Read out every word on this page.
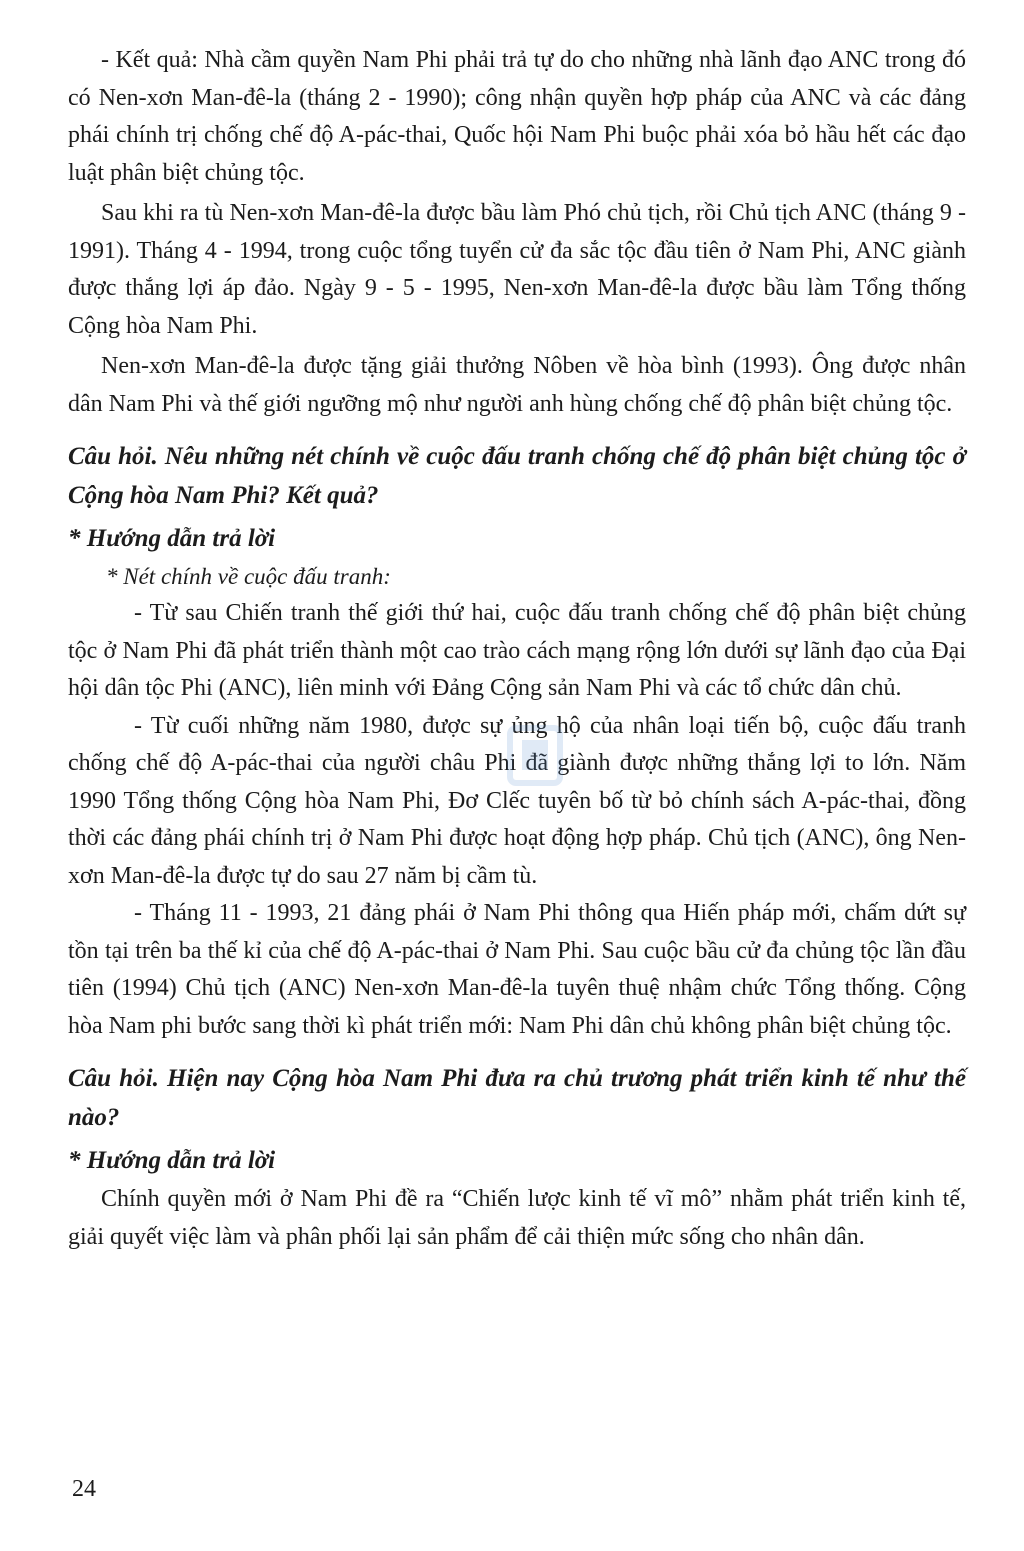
- Kết quả: Nhà cầm quyền Nam Phi phải trả tự do cho những nhà lãnh đạo ANC trong đó có Nen-xơn Man-đê-la (tháng 2 - 1990); công nhận quyền hợp pháp của ANC và các đảng phái chính trị chống chế độ A-pác-thai, Quốc hội Nam Phi buộc phải xóa bỏ hầu hết các đạo luật phân biệt chủng tộc.

Sau khi ra tù Nen-xơn Man-đê-la được bầu làm Phó chủ tịch, rồi Chủ tịch ANC (tháng 9 - 1991). Tháng 4 - 1994, trong cuộc tổng tuyển cử đa sắc tộc đầu tiên ở Nam Phi, ANC giành được thắng lợi áp đảo. Ngày 9 - 5 - 1995, Nen-xơn Man-đê-la được bầu làm Tổng thống Cộng hòa Nam Phi.

Nen-xơn Man-đê-la được tặng giải thưởng Nôben về hòa bình (1993). Ông được nhân dân Nam Phi và thế giới ngưỡng mộ như người anh hùng chống chế độ phân biệt chủng tộc.

Câu hỏi. Nêu những nét chính về cuộc đấu tranh chống chế độ phân biệt chủng tộc ở Cộng hòa Nam Phi? Kết quả?

* Hướng dẫn trả lời

* Nét chính về cuộc đấu tranh:

- Từ sau Chiến tranh thế giới thứ hai, cuộc đấu tranh chống chế độ phân biệt chủng tộc ở Nam Phi đã phát triển thành một cao trào cách mạng rộng lớn dưới sự lãnh đạo của Đại hội dân tộc Phi (ANC), liên minh với Đảng Cộng sản Nam Phi và các tổ chức dân chủ.

- Từ cuối những năm 1980, được sự ủng hộ của nhân loại tiến bộ, cuộc đấu tranh chống chế độ A-pác-thai của người châu Phi đã giành được những thắng lợi to lớn. Năm 1990 Tổng thống Cộng hòa Nam Phi, Đơ Clếc tuyên bố từ bỏ chính sách A-pác-thai, đồng thời các đảng phái chính trị ở Nam Phi được hoạt động hợp pháp. Chủ tịch (ANC), ông Nen-xơn Man-đê-la được tự do sau 27 năm bị cầm tù.

- Tháng 11 - 1993, 21 đảng phái ở Nam Phi thông qua Hiến pháp mới, chấm dứt sự tồn tại trên ba thế kỉ của chế độ A-pác-thai ở Nam Phi. Sau cuộc bầu cử đa chủng tộc lần đầu tiên (1994) Chủ tịch (ANC) Nen-xơn Man-đê-la tuyên thuệ nhậm chức Tổng thống. Cộng hòa Nam phi bước sang thời kì phát triển mới: Nam Phi dân chủ không phân biệt chủng tộc.

Câu hỏi. Hiện nay Cộng hòa Nam Phi đưa ra chủ trương phát triển kinh tế như thế nào?

* Hướng dẫn trả lời

Chính quyền mới ở Nam Phi đề ra “Chiến lược kinh tế vĩ mô” nhằm phát triển kinh tế, giải quyết việc làm và phân phối lại sản phẩm để cải thiện mức sống cho nhân dân.

24
